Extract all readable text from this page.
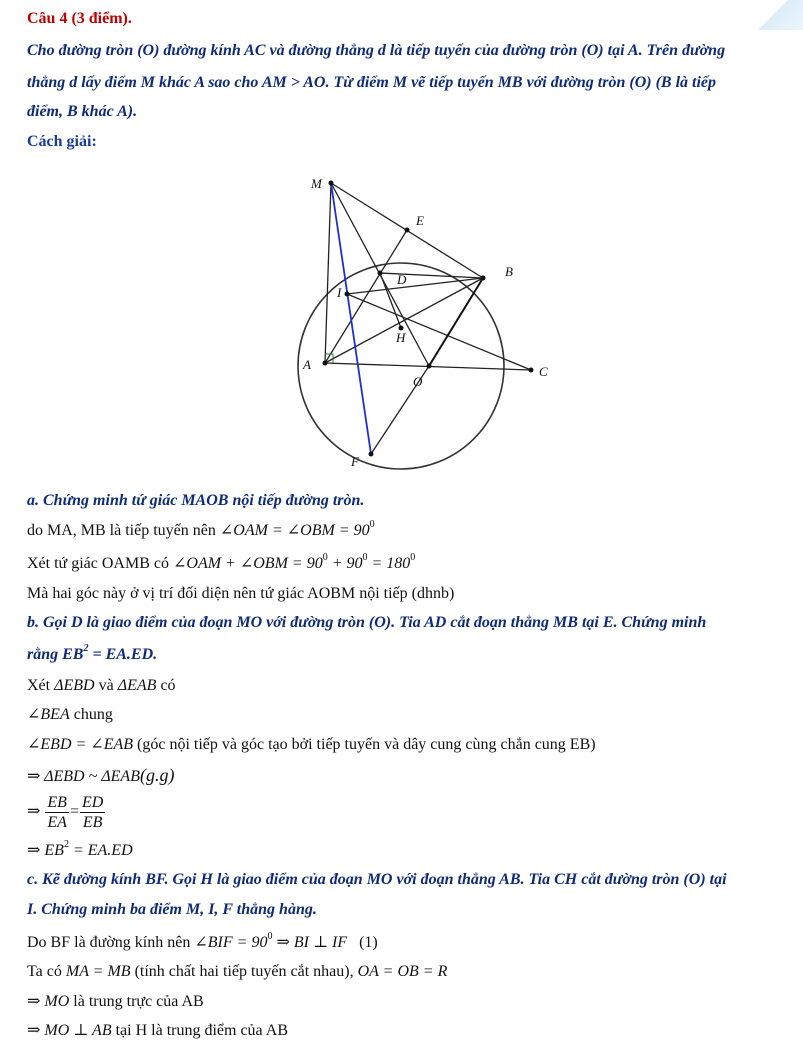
Câu 4 (3 điểm).
Cho đường tròn (O) đường kính AC và đường thẳng d là tiếp tuyến của đường tròn (O) tại A. Trên đường
thẳng d lấy điểm M khác A sao cho AM > AO. Từ điểm M vẽ tiếp tuyến MB với đường tròn (O) (B là tiếp
điểm, B khác A).
Cách giải:
M
E
B
D
I
H
A
O
C
F
a. Chứng minh tứ giác MAOB nội tiếp đường tròn.
do MA, MB là tiếp tuyến nên ∠OAM = ∠OBM = $90^0$
Xét tứ giác OAMB có ∠OAM + ∠OBM = $90^0 + 90^0 = 180^0$
Mà hai góc này ở vị trí đối diện nên tứ giác AOBM nội tiếp (dhnb)
b. Gọi D là giao điểm của đoạn MO với đường tròn (O). Tia AD cắt đoạn thẳng MB tại E. Chứng minh
rằng $EB^2 = EA.ED$.
Xét ΔEBD và ΔEAB có
∠BEA chung
∠EBD = ∠EAB (góc nội tiếp và góc tạo bởi tiếp tuyến và dây cung cùng chắn cung EB)
⇒ ΔEBD ~ ΔEAB(g.g)
⇒ $\frac{EB}{EA} = \frac{ED}{EB}$
⇒ $EB^2 = EA.ED$
c. Kẽ đường kính BF. Gọi H là giao điểm của đoạn MO với đoạn thẳng AB. Tia CH cắt đường tròn (O) tại
I. Chứng minh ba điểm M, I, F thẳng hàng.
Do BF là đường kính nên ∠BIF = $90^0$ ⇒ BI ⊥ IF (1)
Ta có MA = MB (tính chất hai tiếp tuyến cắt nhau), OA = OB = R
⇒ MO là trung trực của AB
⇒ MO ⊥ AB tại H là trung điểm của AB
